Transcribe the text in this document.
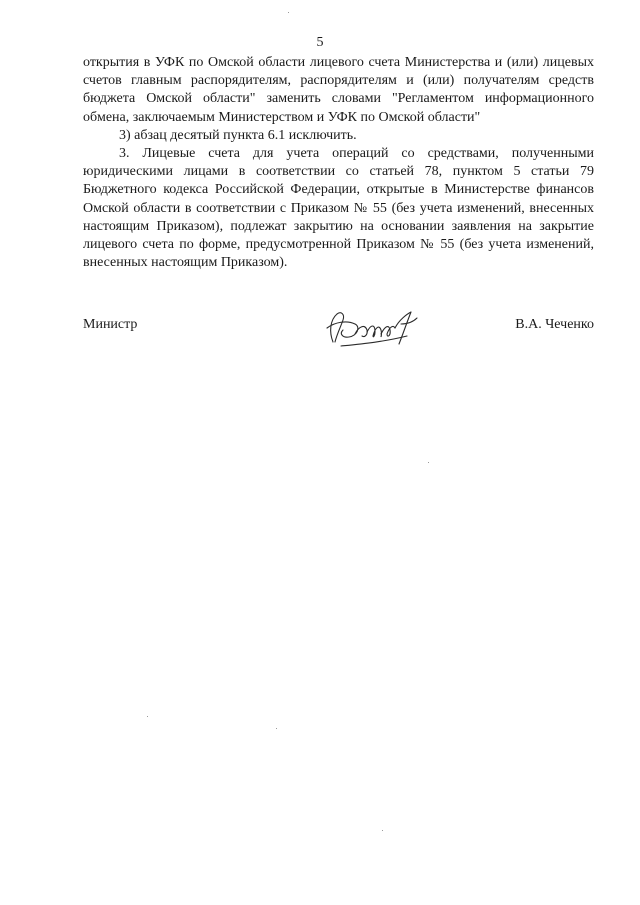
5

открытия в УФК по Омской области лицевого счета Министерства и (или) лицевых счетов главным распорядителям, распорядителям и (или) получателям средств бюджета Омской области" заменить словами "Регламентом информационного обмена, заключаемым Министерством и УФК по Омской области"

3) абзац десятый пункта 6.1 исключить.

3. Лицевые счета для учета операций со средствами, полученными юридическими лицами в соответствии со статьей 78, пунктом 5 статьи 79 Бюджетного кодекса Российской Федерации, открытые в Министерстве финансов Омской области в соответствии с Приказом № 55 (без учета изменений, внесенных настоящим Приказом), подлежат закрытию на основании заявления на закрытие лицевого счета по форме, предусмотренной Приказом № 55 (без учета изменений, внесенных настоящим Приказом).

Министр	В.А. Чеченко
